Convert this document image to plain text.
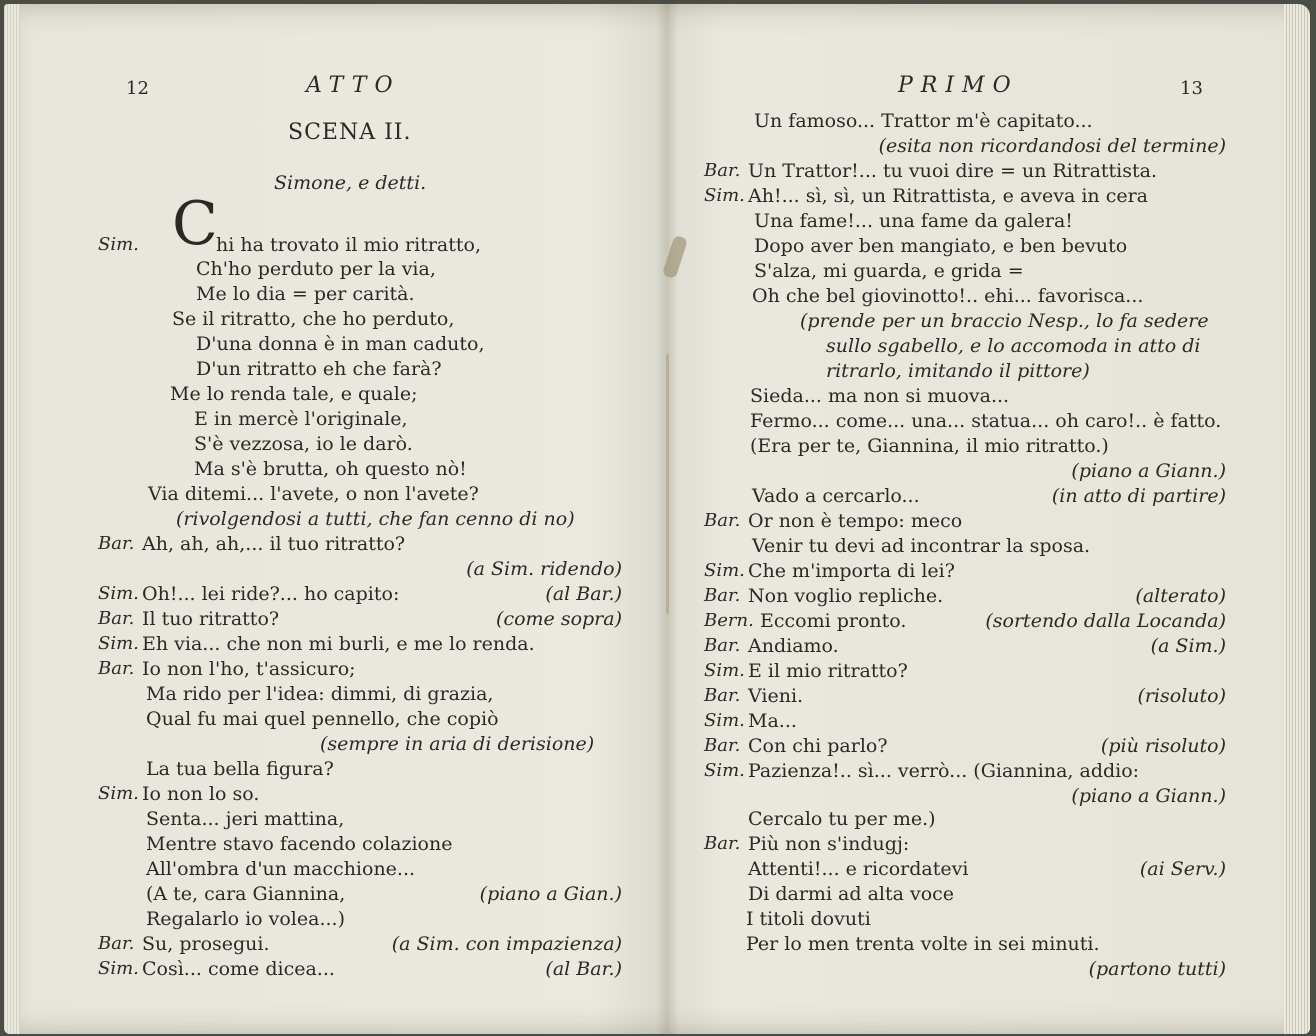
12	ATTO
SCENA II.
Simone, e detti.
Sim. C
hi ha trovato il mio ritratto,
Ch'ho perduto per la via,
Me lo dia = per carità.
Se il ritratto, che ho perduto,
D'una donna è in man caduto,
D'un ritratto eh che farà?
Me lo renda tale, e quale;
E in mercè l'originale,
S'è vezzosa, io le darò.
Ma s'è brutta, oh questo nò!
Via ditemi... l'avete, o non l'avete?
(rivolgendosi a tutti, che fan cenno di no)
Bar. Ah, ah, ah,... il tuo ritratto?
(a Sim. ridendo)
Sim. Oh!... lei ride?... ho capito:	(al Bar.)
Bar. Il tuo ritratto?	(come sopra)
Sim. Eh via... che non mi burli, e me lo renda.
Bar. Io non l'ho, t'assicuro;
Ma rido per l'idea: dimmi, di grazia,
Qual fu mai quel pennello, che copiò
(sempre in aria di derisione)
La tua bella figura?
Sim. Io non lo so.
Senta... jeri mattina,
Mentre stavo facendo colazione
All'ombra d'un macchione...
(A te, cara Giannina,	(piano a Gian.)
Regalarlo io volea...)
Bar. Su, prosegui.	(a Sim. con impazienza)
Sim. Così... come dicea...	(al Bar.)
PRIMO	13
Un famoso... Trattor m'è capitato...
(esita non ricordandosi del termine)
Bar. Un Trattor!... tu vuoi dire = un Ritrattista.
Sim. Ah!... sì, sì, un Ritrattista, e aveva in cera
Una fame!... una fame da galera!
Dopo aver ben mangiato, e ben bevuto
S'alza, mi guarda, e grida =
Oh che bel giovinotto!.. ehi... favorisca...
(prende per un braccio Nesp., lo fa sedere
sullo sgabello, e lo accomoda in atto di
ritrarlo, imitando il pittore)
Sieda... ma non si muova...
Fermo... come... una... statua... oh caro!.. è fatto.
(Era per te, Giannina, il mio ritratto.)
(piano a Giann.)
Vado a cercarlo...	(in atto di partire)
Bar. Or non è tempo: meco
Venir tu devi ad incontrar la sposa.
Sim. Che m'importa di lei?
Bar. Non voglio repliche.	(alterato)
Bern. Eccomi pronto.	(sortendo dalla Locanda)
Bar. Andiamo.	(a Sim.)
Sim. E il mio ritratto?
Bar. Vieni.	(risoluto)
Sim. Ma...
Bar. Con chi parlo?	(più risoluto)
Sim. Pazienza!.. sì... verrò... (Giannina, addio:
(piano a Giann.)
Cercalo tu per me.)
Bar. Più non s'indugj:
Attenti!... e ricordatevi	(ai Serv.)
Di darmi ad alta voce
I titoli dovuti
Per lo men trenta volte in sei minuti.
(partono tutti)
